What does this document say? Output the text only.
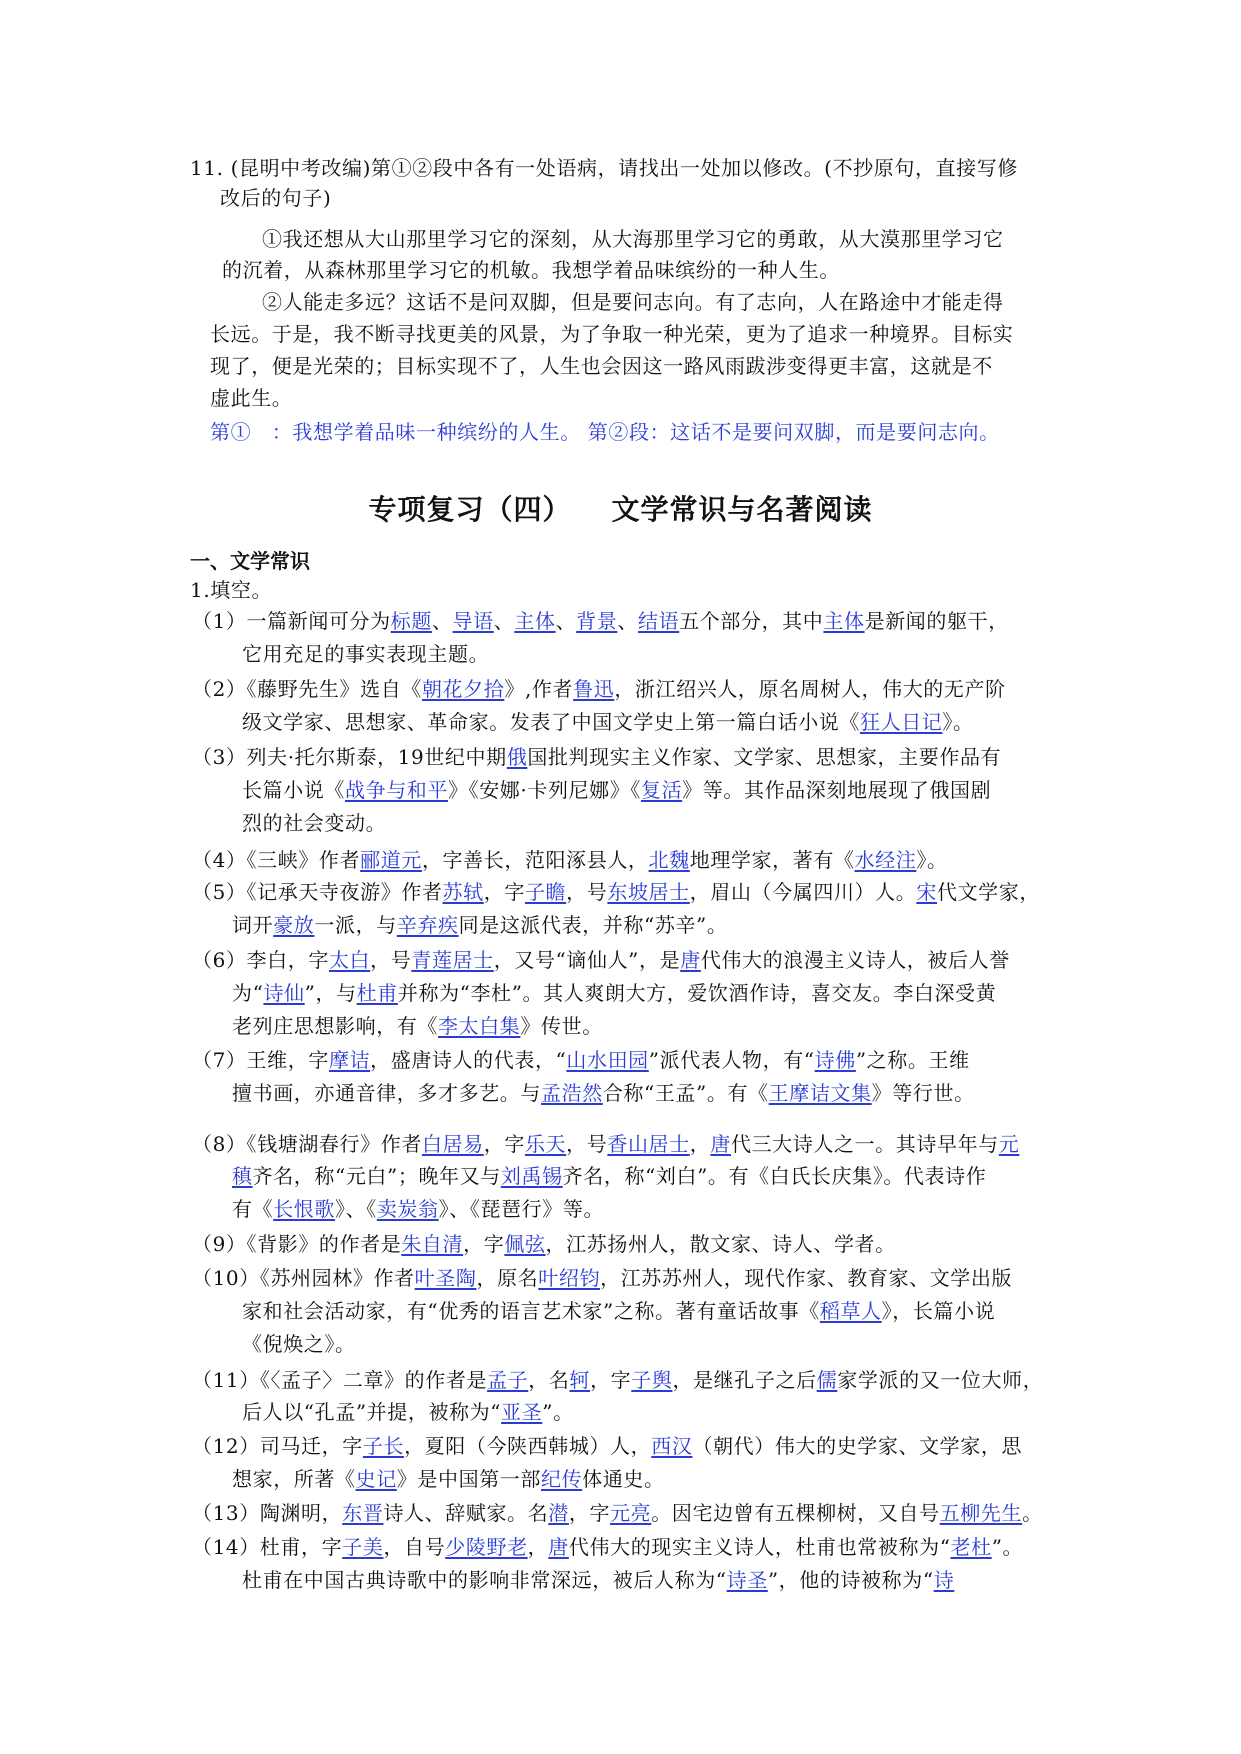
11. (昆明中考改编)第①②段中各有一处语病，请找出一处加以修改。(不抄原句，直接写修
改后的句子)
①我还想从大山那里学习它的深刻，从大海那里学习它的勇敢，从大漠那里学习它
的沉着，从森林那里学习它的机敏。我想学着品味缤纷的一种人生。
②人能走多远？这话不是问双脚，但是要问志向。有了志向，人在路途中才能走得
长远。于是，我不断寻找更美的风景，为了争取一种光荣，更为了追求一种境界。目标实
现了，便是光荣的；目标实现不了，人生也会因这一路风雨跋涉变得更丰富，这就是不
虚此生。
第①　：我想学着品味一种缤纷的人生。 第②段：这话不是要问双脚，而是要问志向。
专项复习（四） 文学常识与名著阅读
一、文学常识
1.填空。
（1）一篇新闻可分为标题、导语、主体、背景、结语五个部分，其中主体是新闻的躯干，
它用充足的事实表现主题。
（2）《藤野先生》选自《朝花夕拾》,作者鲁迅，浙江绍兴人，原名周树人，伟大的无产阶
级文学家、思想家、革命家。发表了中国文学史上第一篇白话小说《狂人日记》。
（3）列夫·托尔斯泰，19世纪中期俄国批判现实主义作家、文学家、思想家，主要作品有
长篇小说《战争与和平》《安娜·卡列尼娜》《复活》等。其作品深刻地展现了俄国剧
烈的社会变动。
（4）《三峡》作者郦道元，字善长，范阳涿县人，北魏地理学家，著有《水经注》。
（5）《记承天寺夜游》作者苏轼，字子瞻，号东坡居士，眉山（今属四川）人。宋代文学家，
词开豪放一派，与辛弃疾同是这派代表，并称“苏辛”。
（6）李白，字太白，号青莲居士，又号“谪仙人”，是唐代伟大的浪漫主义诗人，被后人誉
为“诗仙”，与杜甫并称为“李杜”。其人爽朗大方，爱饮酒作诗，喜交友。李白深受黄
老列庄思想影响，有《李太白集》传世。
（7）王维，字摩诘，盛唐诗人的代表，“山水田园”派代表人物，有“诗佛”之称。王维
擅书画，亦通音律，多才多艺。与孟浩然合称“王孟”。有《王摩诘文集》等行世。
（8）《钱塘湖春行》作者白居易，字乐天，号香山居士，唐代三大诗人之一。其诗早年与元
稹齐名，称“元白”；晚年又与刘禹锡齐名，称“刘白”。有《白氏长庆集》。代表诗作
有《长恨歌》、《卖炭翁》、《琵琶行》等。
（9）《背影》的作者是朱自清，字佩弦，江苏扬州人，散文家、诗人、学者。
（10）《苏州园林》作者叶圣陶，原名叶绍钧，江苏苏州人，现代作家、教育家、文学出版
家和社会活动家，有“优秀的语言艺术家”之称。著有童话故事《稻草人》，长篇小说
《倪焕之》。
（11）《〈孟子〉二章》的作者是孟子，名轲，字子舆，是继孔子之后儒家学派的又一位大师，
后人以“孔孟”并提，被称为“亚圣”。
（12）司马迁，字子长，夏阳（今陕西韩城）人，西汉（朝代）伟大的史学家、文学家，思
想家，所著《史记》是中国第一部纪传体通史。
（13）陶渊明，东晋诗人、辞赋家。名潜，字元亮。因宅边曾有五棵柳树，又自号五柳先生。
（14）杜甫，字子美，自号少陵野老，唐代伟大的现实主义诗人，杜甫也常被称为“老杜”。
杜甫在中国古典诗歌中的影响非常深远，被后人称为“诗圣”，他的诗被称为“诗
